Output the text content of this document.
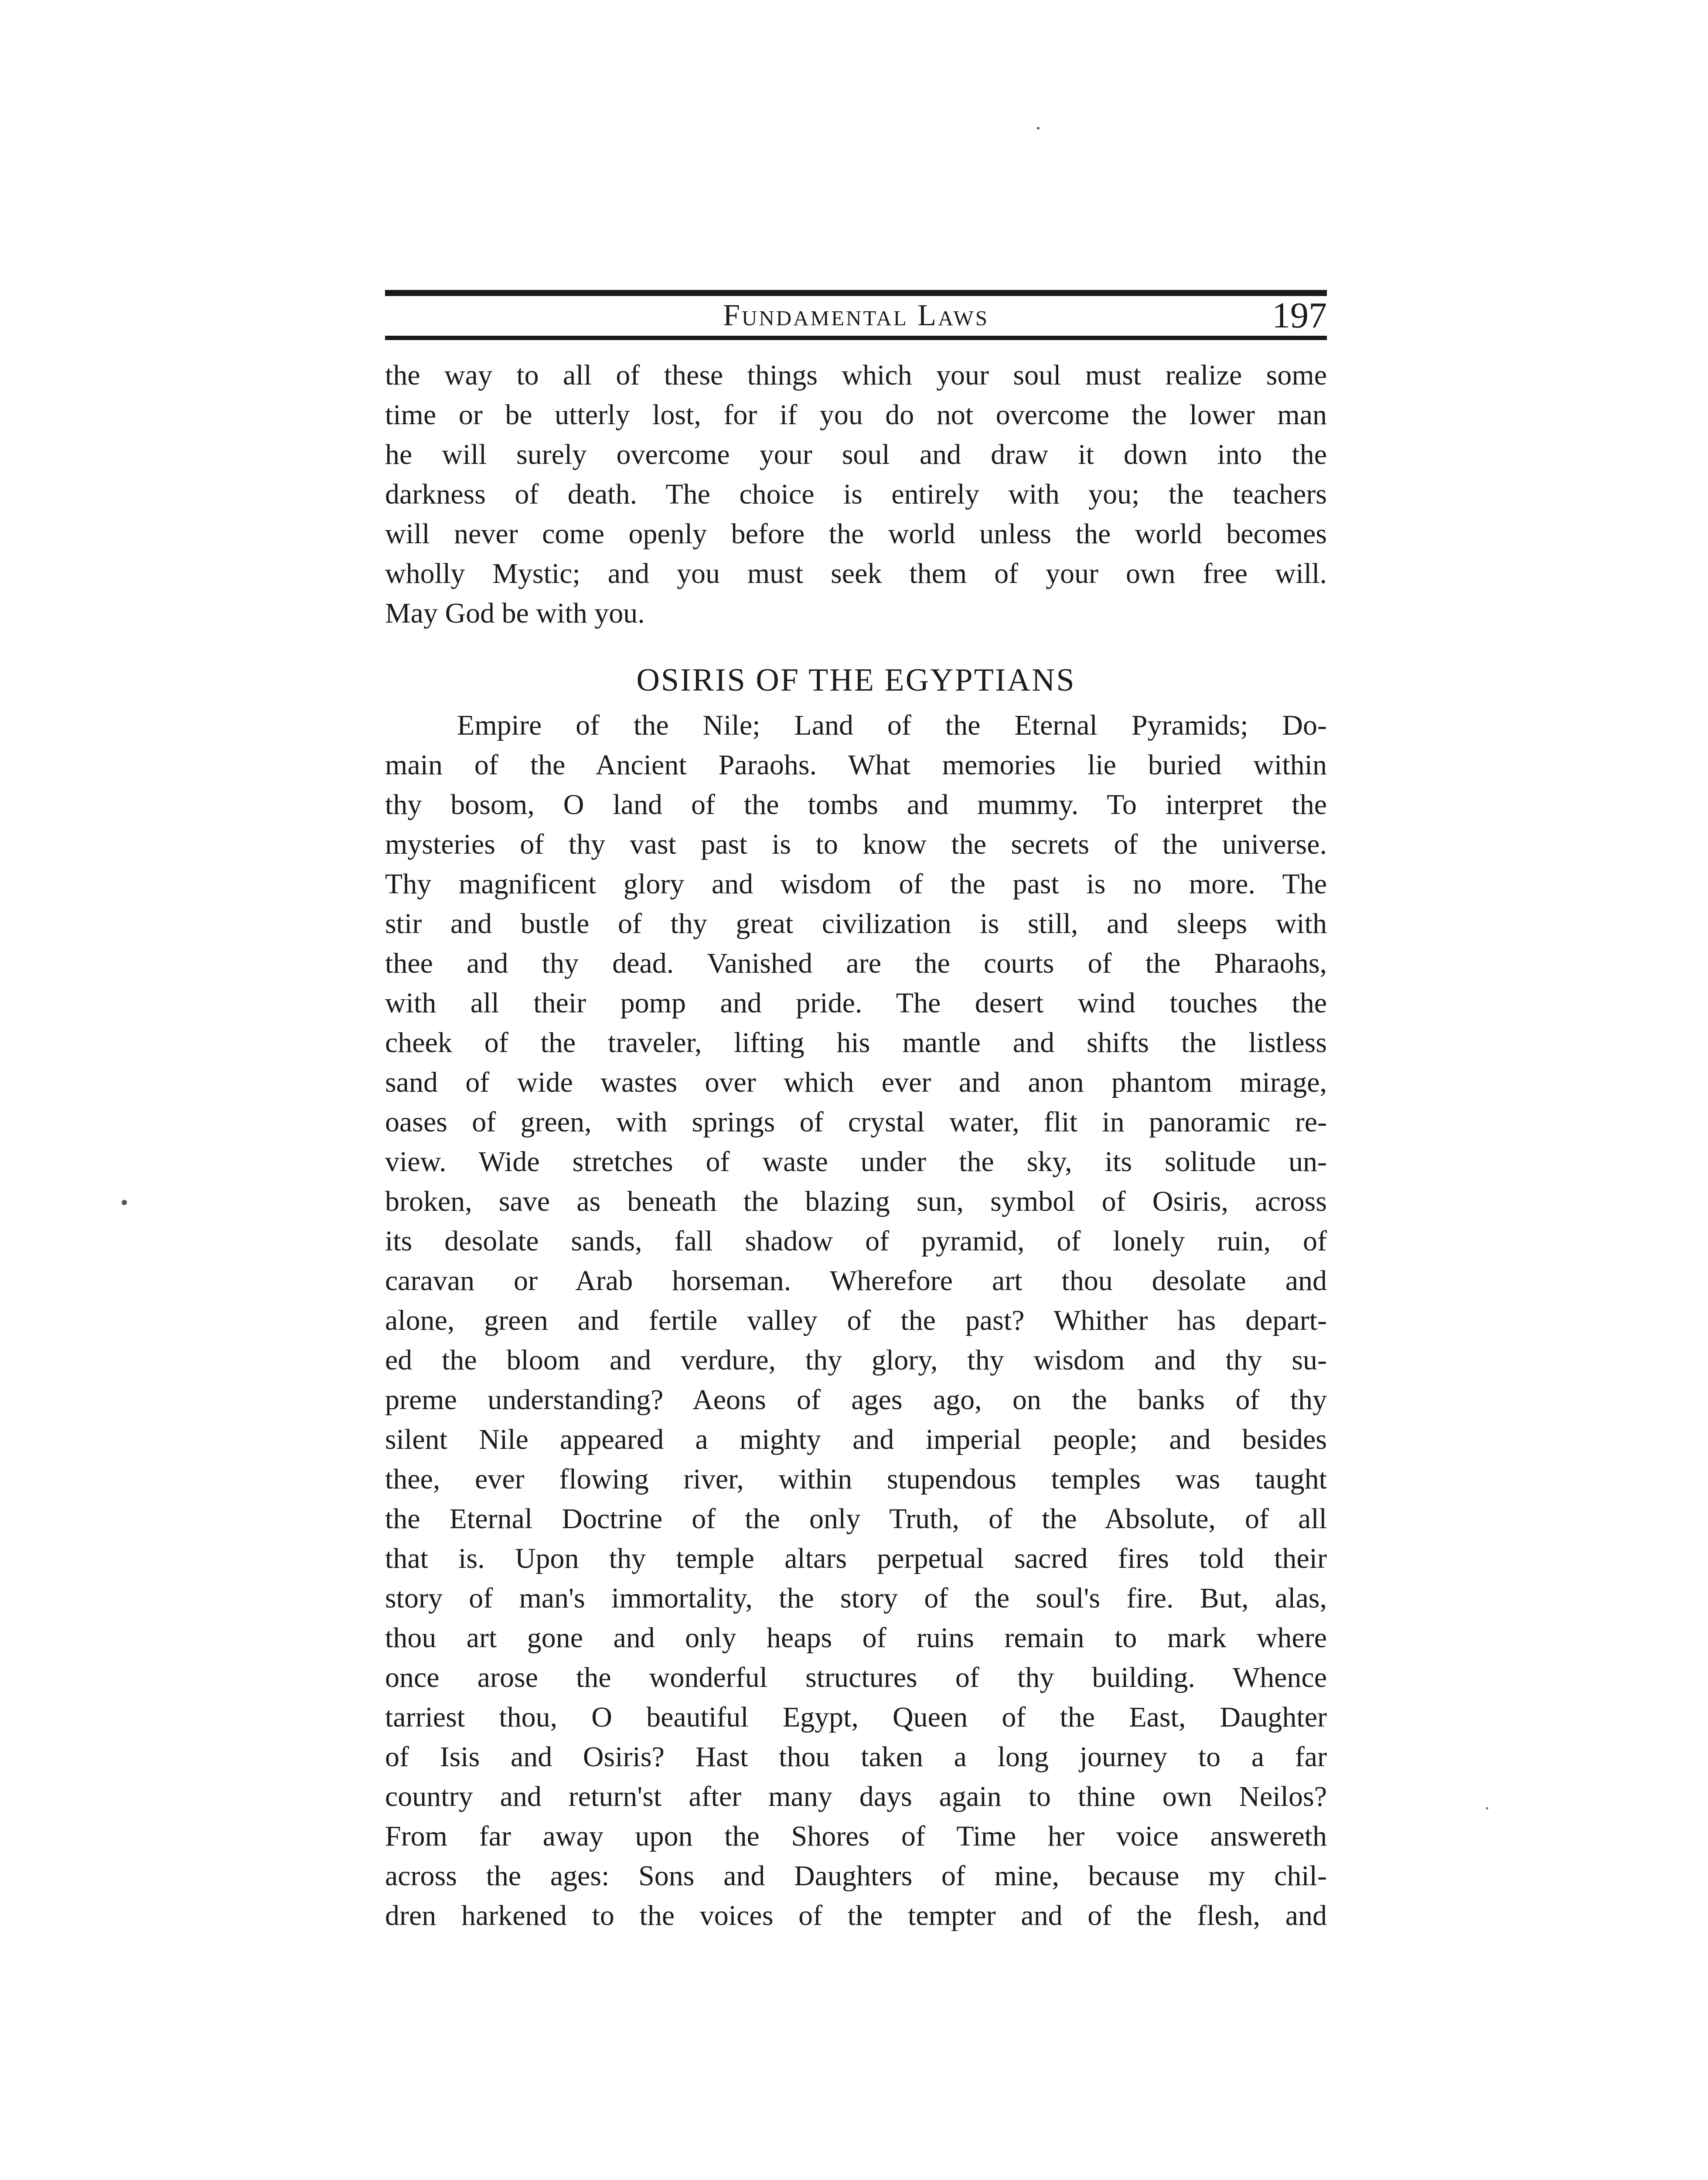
Fundamental Laws	197
the way to all of these things which your soul must realize some
time or be utterly lost, for if you do not overcome the lower man
he will surely overcome your soul and draw it down into the
darkness of death. The choice is entirely with you; the teachers
will never come openly before the world unless the world becomes
wholly Mystic; and you must seek them of your own free will.
May God be with you.
OSIRIS OF THE EGYPTIANS
Empire of the Nile; Land of the Eternal Pyramids; Do-
main of the Ancient Paraohs. What memories lie buried within
thy bosom, O land of the tombs and mummy. To interpret the
mysteries of thy vast past is to know the secrets of the universe.
Thy magnificent glory and wisdom of the past is no more. The
stir and bustle of thy great civilization is still, and sleeps with
thee and thy dead. Vanished are the courts of the Pharaohs,
with all their pomp and pride. The desert wind touches the
cheek of the traveler, lifting his mantle and shifts the listless
sand of wide wastes over which ever and anon phantom mirage,
oases of green, with springs of crystal water, flit in panoramic re-
view. Wide stretches of waste under the sky, its solitude un-
broken, save as beneath the blazing sun, symbol of Osiris, across
its desolate sands, fall shadow of pyramid, of lonely ruin, of
caravan or Arab horseman. Wherefore art thou desolate and
alone, green and fertile valley of the past? Whither has depart-
ed the bloom and verdure, thy glory, thy wisdom and thy su-
preme understanding? Aeons of ages ago, on the banks of thy
silent Nile appeared a mighty and imperial people; and besides
thee, ever flowing river, within stupendous temples was taught
the Eternal Doctrine of the only Truth, of the Absolute, of all
that is. Upon thy temple altars perpetual sacred fires told their
story of man's immortality, the story of the soul's fire. But, alas,
thou art gone and only heaps of ruins remain to mark where
once arose the wonderful structures of thy building. Whence
tarriest thou, O beautiful Egypt, Queen of the East, Daughter
of Isis and Osiris? Hast thou taken a long journey to a far
country and return'st after many days again to thine own Neilos?
From far away upon the Shores of Time her voice answereth
across the ages: Sons and Daughters of mine, because my chil-
dren harkened to the voices of the tempter and of the flesh, and
